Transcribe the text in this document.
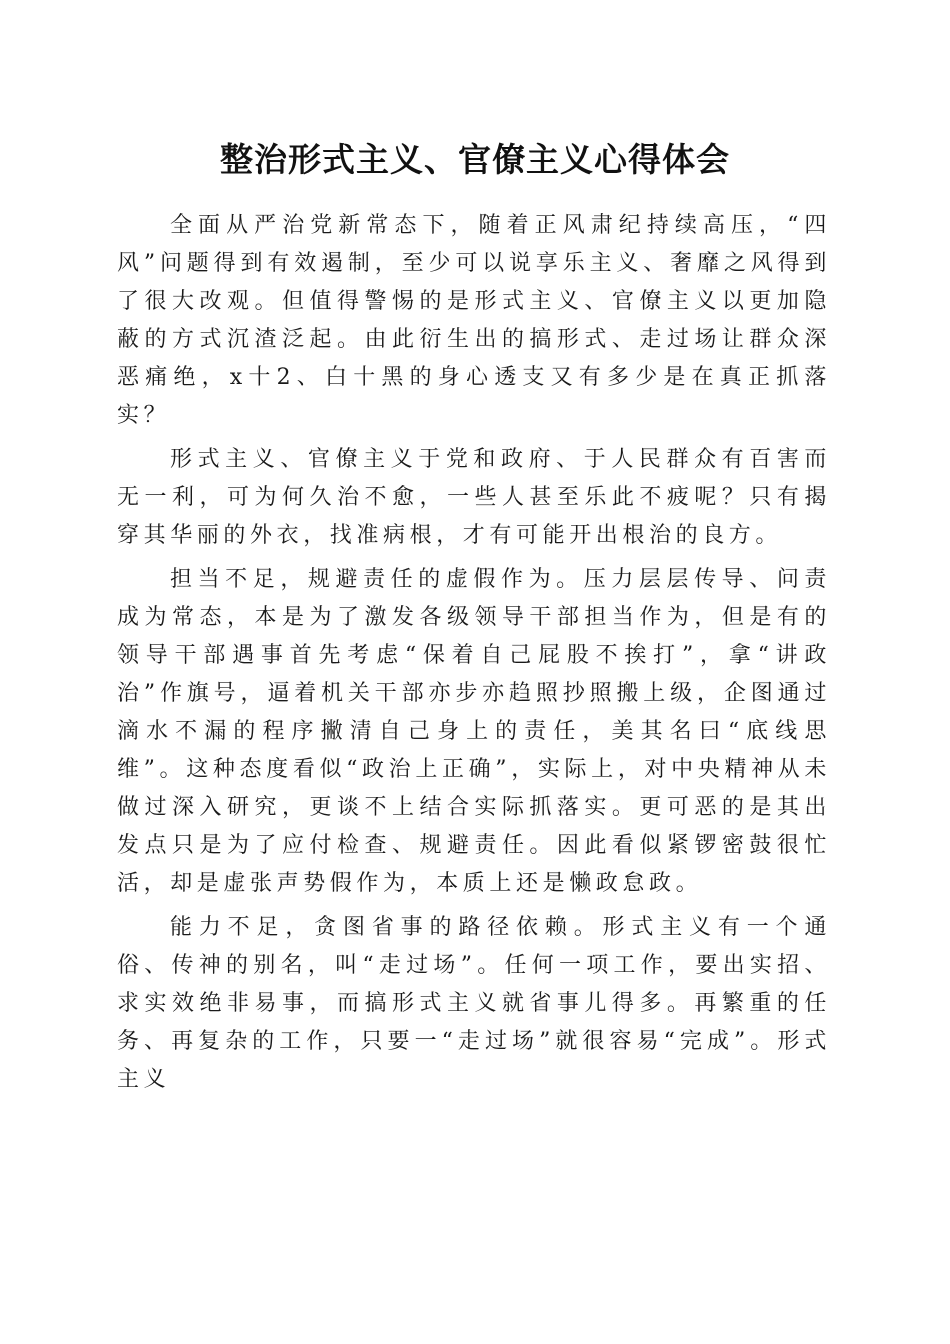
整治形式主义、官僚主义心得体会

全面从严治党新常态下，随着正风肃纪持续高压，“四风”问题得到有效遏制，至少可以说享乐主义、奢靡之风得到了很大改观。但值得警惕的是形式主义、官僚主义以更加隐蔽的方式沉渣泛起。由此衍生出的搞形式、走过场让群众深恶痛绝，x十2、白十黑的身心透支又有多少是在真正抓落实？

形式主义、官僚主义于党和政府、于人民群众有百害而无一利，可为何久治不愈，一些人甚至乐此不疲呢？只有揭穿其华丽的外衣，找准病根，才有可能开出根治的良方。

担当不足，规避责任的虚假作为。压力层层传导、问责成为常态，本是为了激发各级领导干部担当作为，但是有的领导干部遇事首先考虑“保着自己屁股不挨打”，拿“讲政治”作旗号，逼着机关干部亦步亦趋照抄照搬上级，企图通过滴水不漏的程序撇清自己身上的责任，美其名曰“底线思维”。这种态度看似“政治上正确”，实际上，对中央精神从未做过深入研究，更谈不上结合实际抓落实。更可恶的是其出发点只是为了应付检查、规避责任。因此看似紧锣密鼓很忙活，却是虚张声势假作为，本质上还是懒政怠政。

能力不足，贪图省事的路径依赖。形式主义有一个通俗、传神的别名，叫“走过场”。任何一项工作，要出实招、求实效绝非易事，而搞形式主义就省事儿得多。再繁重的任务、再复杂的工作，只要一“走过场”就很容易“完成”。形式主义
